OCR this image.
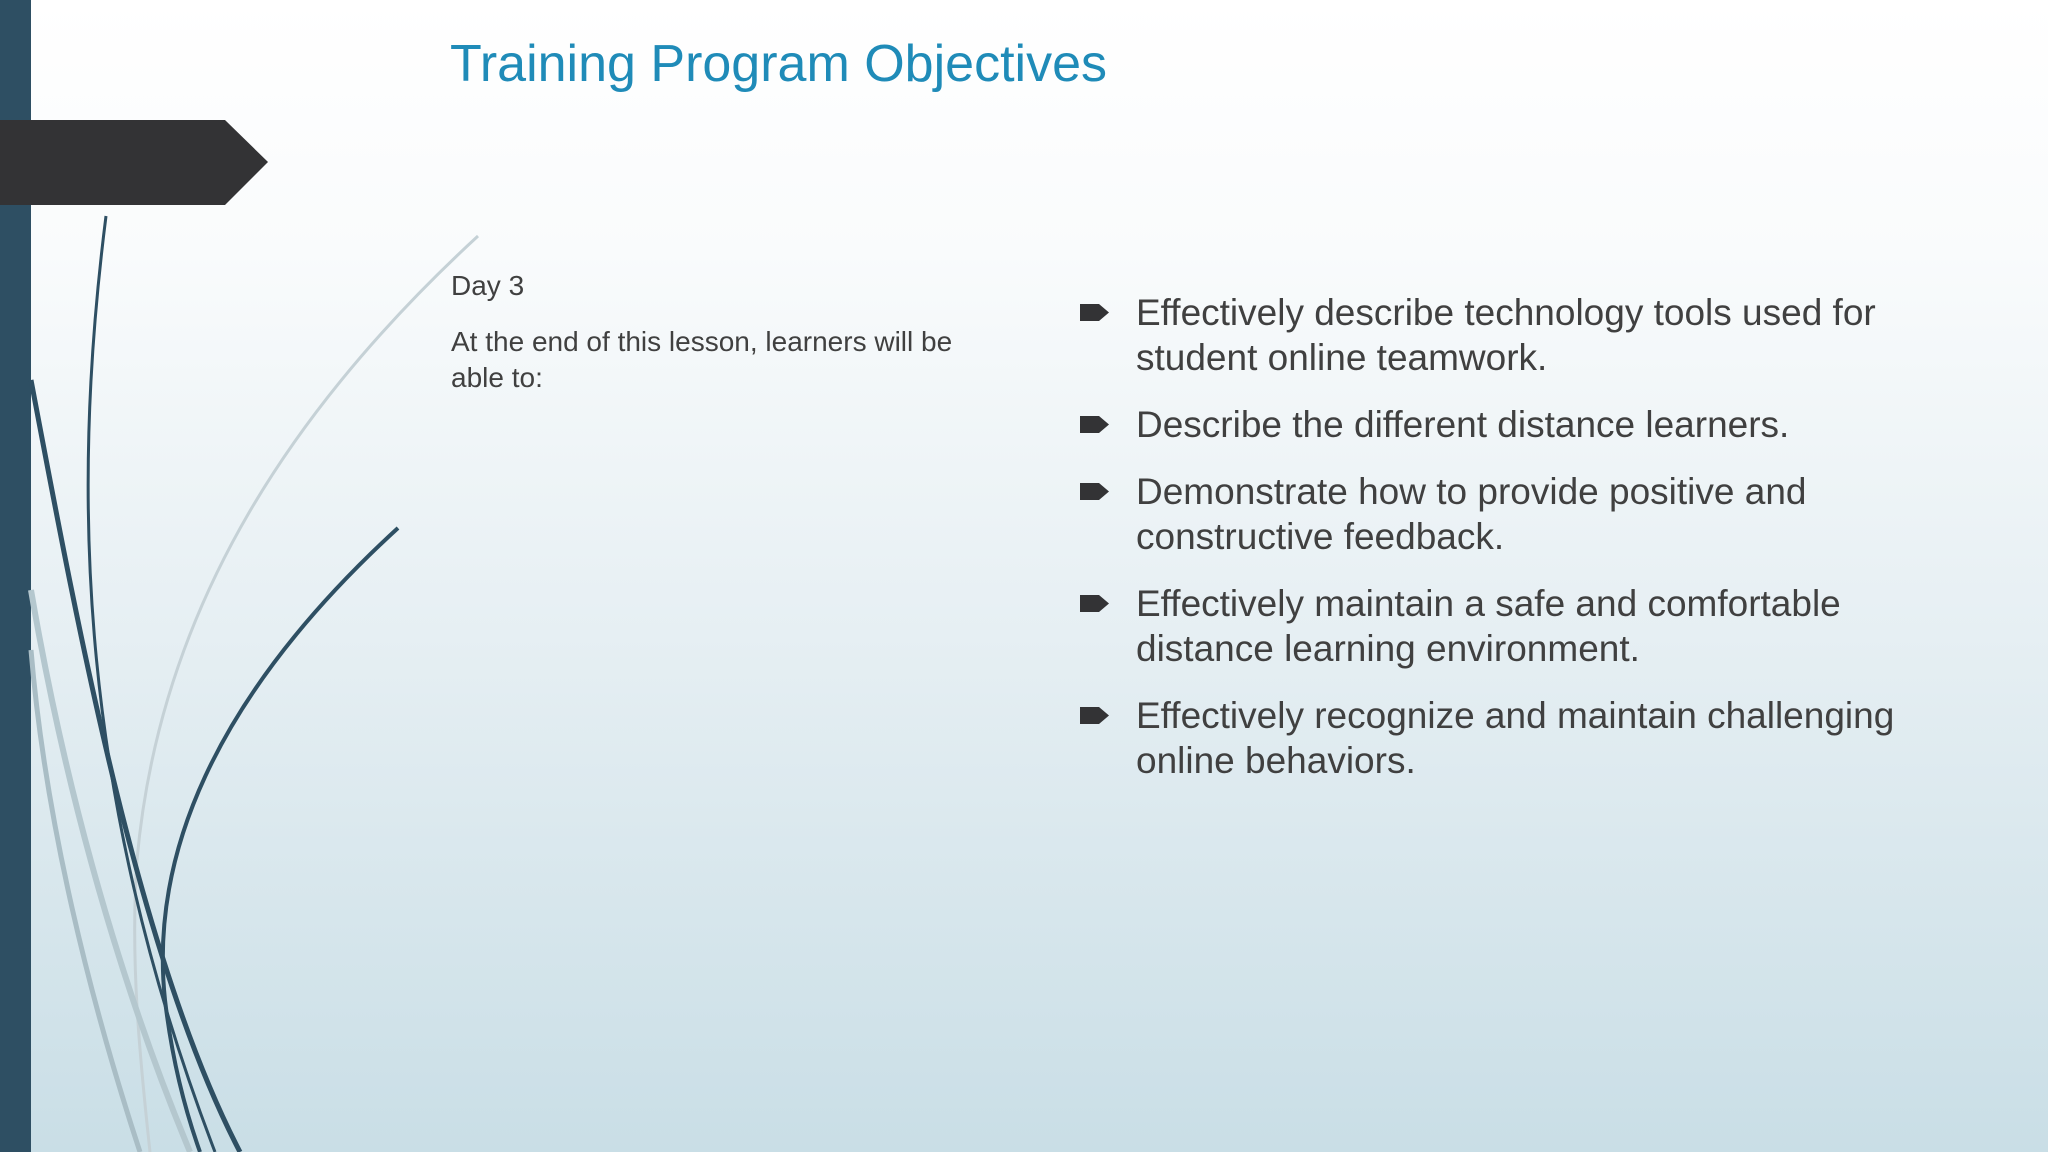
Training Program Objectives

Day 3

At the end of this lesson, learners will be able to:

Effectively describe technology tools used for student online teamwork.
Describe the different distance learners.
Demonstrate how to provide positive and constructive feedback.
Effectively maintain a safe and comfortable distance learning environment.
Effectively recognize and maintain challenging online behaviors.
